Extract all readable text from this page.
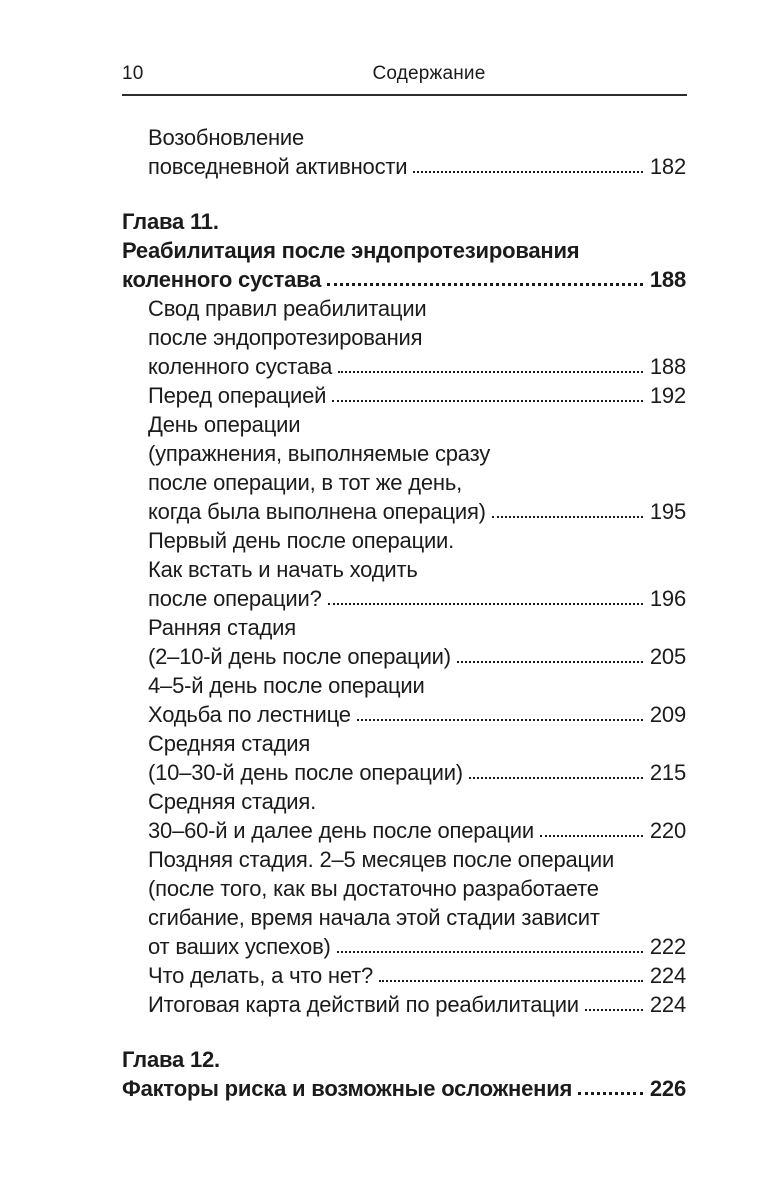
10	Содержание
Возобновление
повседневной активности	182
Глава 11.
Реабилитация после эндопротезирования
коленного сустава	188
Свод правил реабилитации
после эндопротезирования
коленного сустава	188
Перед операцией	192
День операции
(упражнения, выполняемые сразу
после операции, в тот же день,
когда была выполнена операция)	195
Первый день после операции.
Как встать и начать ходить
после операции?	196
Ранняя стадия
(2–10-й день после операции)	205
4–5-й день после операции
Ходьба по лестнице	209
Средняя стадия
(10–30-й день после операции)	215
Средняя стадия.
30–60-й и далее день после операции	220
Поздняя стадия. 2–5 месяцев после операции
(после того, как вы достаточно разработаете
сгибание, время начала этой стадии зависит
от ваших успехов)	222
Что делать, а что нет?	224
Итоговая карта действий по реабилитации	224
Глава 12.
Факторы риска и возможные осложнения	226
